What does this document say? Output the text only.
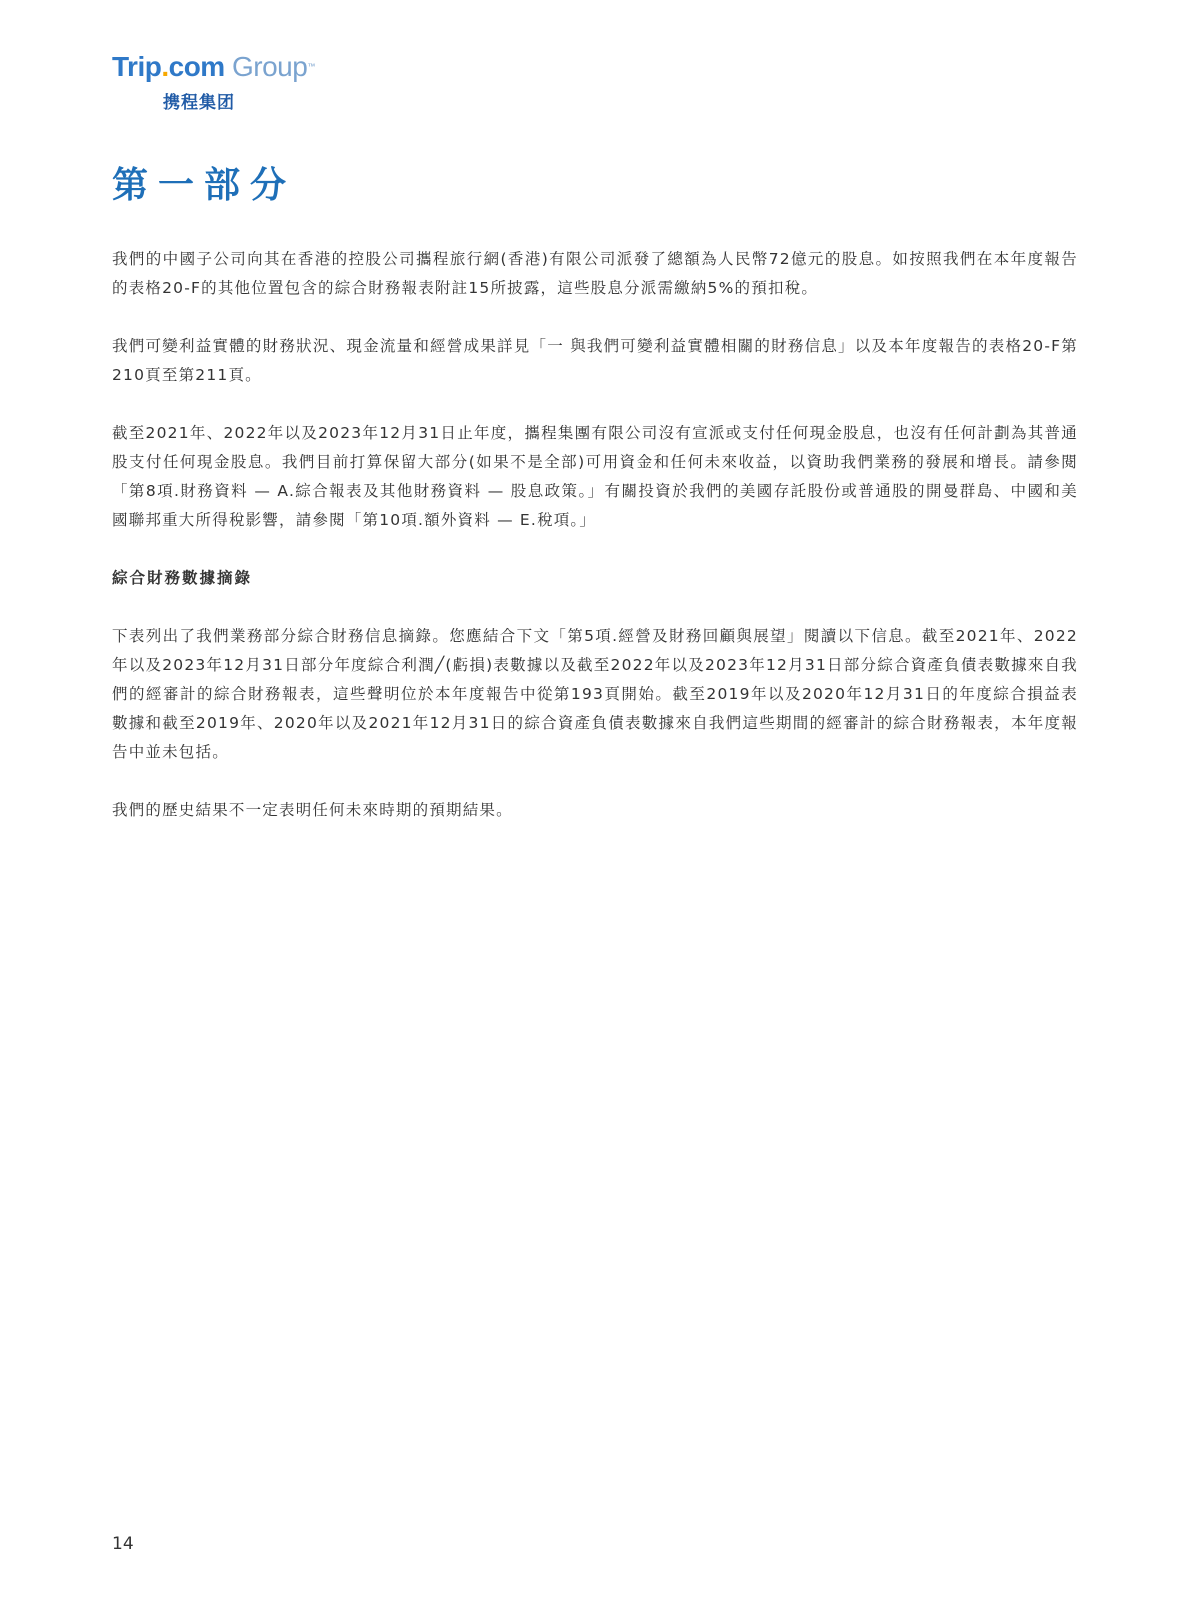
Trip.com Group™
携程集团
第一部分

我們的中國子公司向其在香港的控股公司攜程旅行網(香港)有限公司派發了總額為人民幣72億元的股息。如按照我們在本年度報告的表格20-F的其他位置包含的綜合財務報表附註15所披露，這些股息分派需繳納5%的預扣稅。

我們可變利益實體的財務狀況、現金流量和經營成果詳見「一 與我們可變利益實體相關的財務信息」以及本年度報告的表格20-F第210頁至第211頁。

截至2021年、2022年以及2023年12月31日止年度，攜程集團有限公司沒有宣派或支付任何現金股息，也沒有任何計劃為其普通股支付任何現金股息。我們目前打算保留大部分(如果不是全部)可用資金和任何未來收益，以資助我們業務的發展和增長。請參閱「第8項.財務資料 — A.綜合報表及其他財務資料 — 股息政策。」有關投資於我們的美國存託股份或普通股的開曼群島、中國和美國聯邦重大所得稅影響，請參閱「第10項.額外資料 — E.稅項。」

綜合財務數據摘錄

下表列出了我們業務部分綜合財務信息摘錄。您應結合下文「第5項.經營及財務回顧與展望」閱讀以下信息。截至2021年、2022年以及2023年12月31日部分年度綜合利潤╱(虧損)表數據以及截至2022年以及2023年12月31日部分綜合資產負債表數據來自我們的經審計的綜合財務報表，這些聲明位於本年度報告中從第193頁開始。截至2019年以及2020年12月31日的年度綜合損益表數據和截至2019年、2020年以及2021年12月31日的綜合資產負債表數據來自我們這些期間的經審計的綜合財務報表，本年度報告中並未包括。

我們的歷史結果不一定表明任何未來時期的預期結果。

14
